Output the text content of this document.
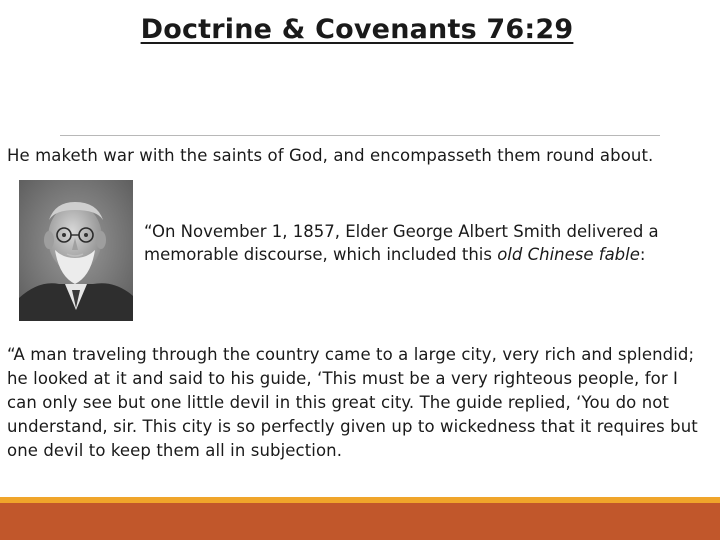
Doctrine & Covenants 76:29
He maketh war with the saints of God, and encompasseth them round about.
“On November 1, 1857, Elder George Albert Smith delivered a memorable discourse, which included this old Chinese fable:
“A man traveling through the country came to a large city, very rich and splendid; he looked at it and said to his guide, ‘This must be a very righteous people, for I can only see but one little devil in this great city. The guide replied, ‘You do not understand, sir. This city is so perfectly given up to wickedness that it requires but one devil to keep them all in subjection.
